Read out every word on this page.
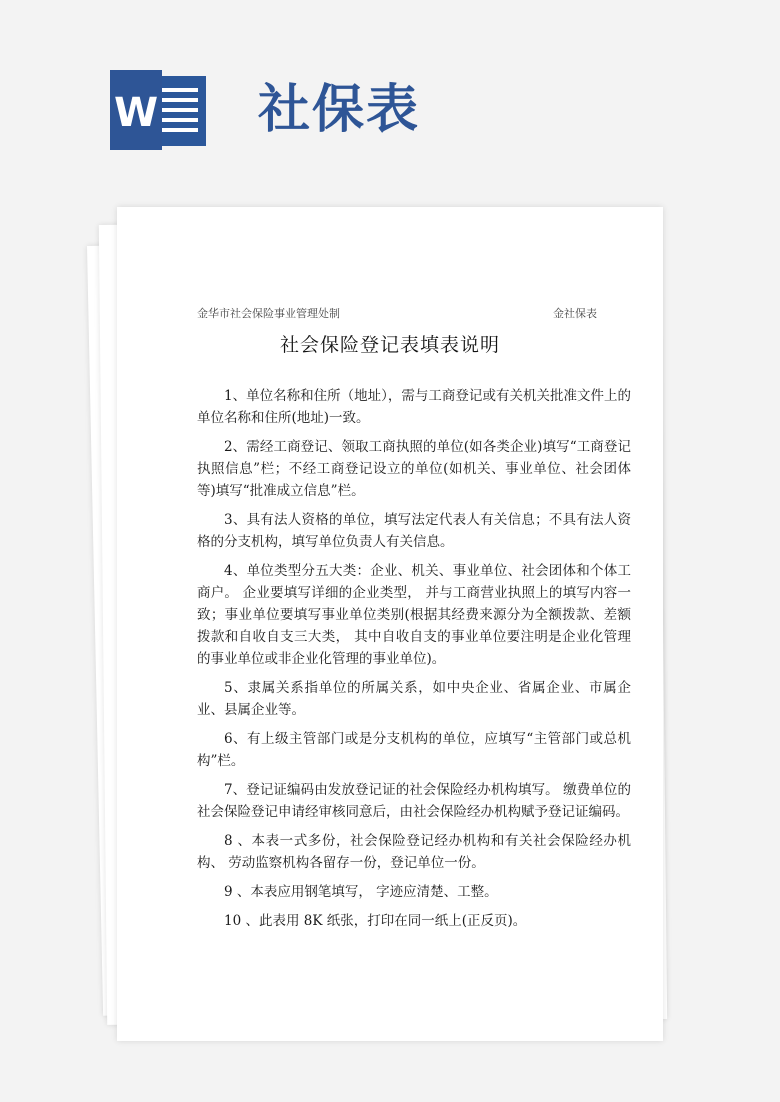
W 社保表
金华市社会保险事业管理处制	金社保表
社会保险登记表填表说明

1、单位名称和住所（地址），需与工商登记或有关机关批准文件上的单位名称和住所(地址)一致。

2、需经工商登记、领取工商执照的单位(如各类企业)填写“工商登记执照信息”栏；不经工商登记设立的单位(如机关、事业单位、社会团体等)填写“批准成立信息”栏。

3、具有法人资格的单位，填写法定代表人有关信息；不具有法人资格的分支机构，填写单位负责人有关信息。

4、单位类型分五大类：企业、机关、事业单位、社会团体和个体工商户。 企业要填写详细的企业类型， 并与工商营业执照上的填写内容一致；事业单位要填写事业单位类别(根据其经费来源分为全额拨款、差额拨款和自收自支三大类， 其中自收自支的事业单位要注明是企业化管理的事业单位或非企业化管理的事业单位)。

5、隶属关系指单位的所属关系，如中央企业、省属企业、市属企业、县属企业等。

6、有上级主管部门或是分支机构的单位，应填写“主管部门或总机构”栏。

7、登记证编码由发放登记证的社会保险经办机构填写。 缴费单位的社会保险登记申请经审核同意后，由社会保险经办机构赋予登记证编码。

8 、本表一式多份，社会保险登记经办机构和有关社会保险经办机构、 劳动监察机构各留存一份，登记单位一份。

9 、本表应用钢笔填写， 字迹应清楚、工整。

10 、此表用 8K 纸张，打印在同一纸上(正反页)。
